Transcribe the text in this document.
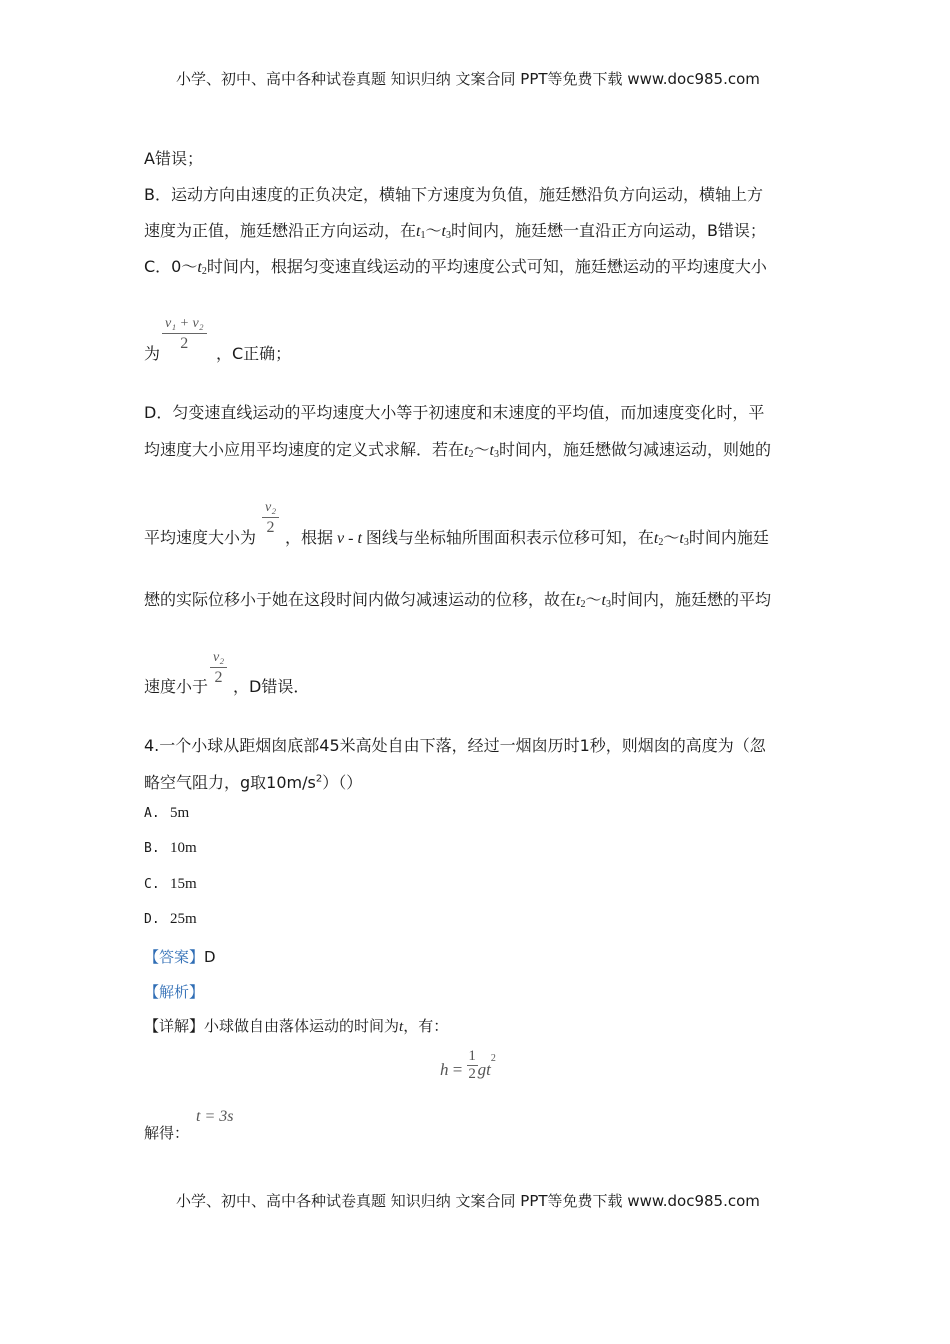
小学、初中、高中各种试卷真题 知识归纳 文案合同 PPT等免费下载 www.doc985.com
A错误；
B．运动方向由速度的正负决定，横轴下方速度为负值，施廷懋沿负方向运动，横轴上方
速度为正值，施廷懋沿正方向运动，在$t_1\sim t_3$时间内，施廷懋一直沿正方向运动，B错误；
C．$0\sim t_2$时间内，根据匀变速直线运动的平均速度公式可知，施廷懋运动的平均速度大小
为
v₁ + v₂
2
，C正确；
D．匀变速直线运动的平均速度大小等于初速度和末速度的平均值，而加速度变化时，平
均速度大小应用平均速度的定义式求解．若在$t_2\sim t_3$时间内，施廷懋做匀减速运动，则她的
平均速度大小为
v₂
2
，根据 v - t 图线与坐标轴所围面积表示位移可知，在$t_2\sim t_3$时间内施廷
懋的实际位移小于她在这段时间内做匀减速运动的位移，故在$t_2\sim t_3$时间内，施廷懋的平均
速度小于
v₂
2 ，D错误．
4.一个小球从距烟囱底部45米高处自由下落，经过一烟囱历时1秒，则烟囱的高度为（忽
略空气阻力，g取$10m/s^2)()$
A. 5m
B. 10m
C. 15m
D. 25m
【答案】D
【解析】
【详解】小球做自由落体运动的时间为t，有：
$h = \frac{1}{2} gt^2$
解得：
t = 3s
小学、初中、高中各种试卷真题 知识归纳 文案合同 PPT等免费下载 www.doc985.com
